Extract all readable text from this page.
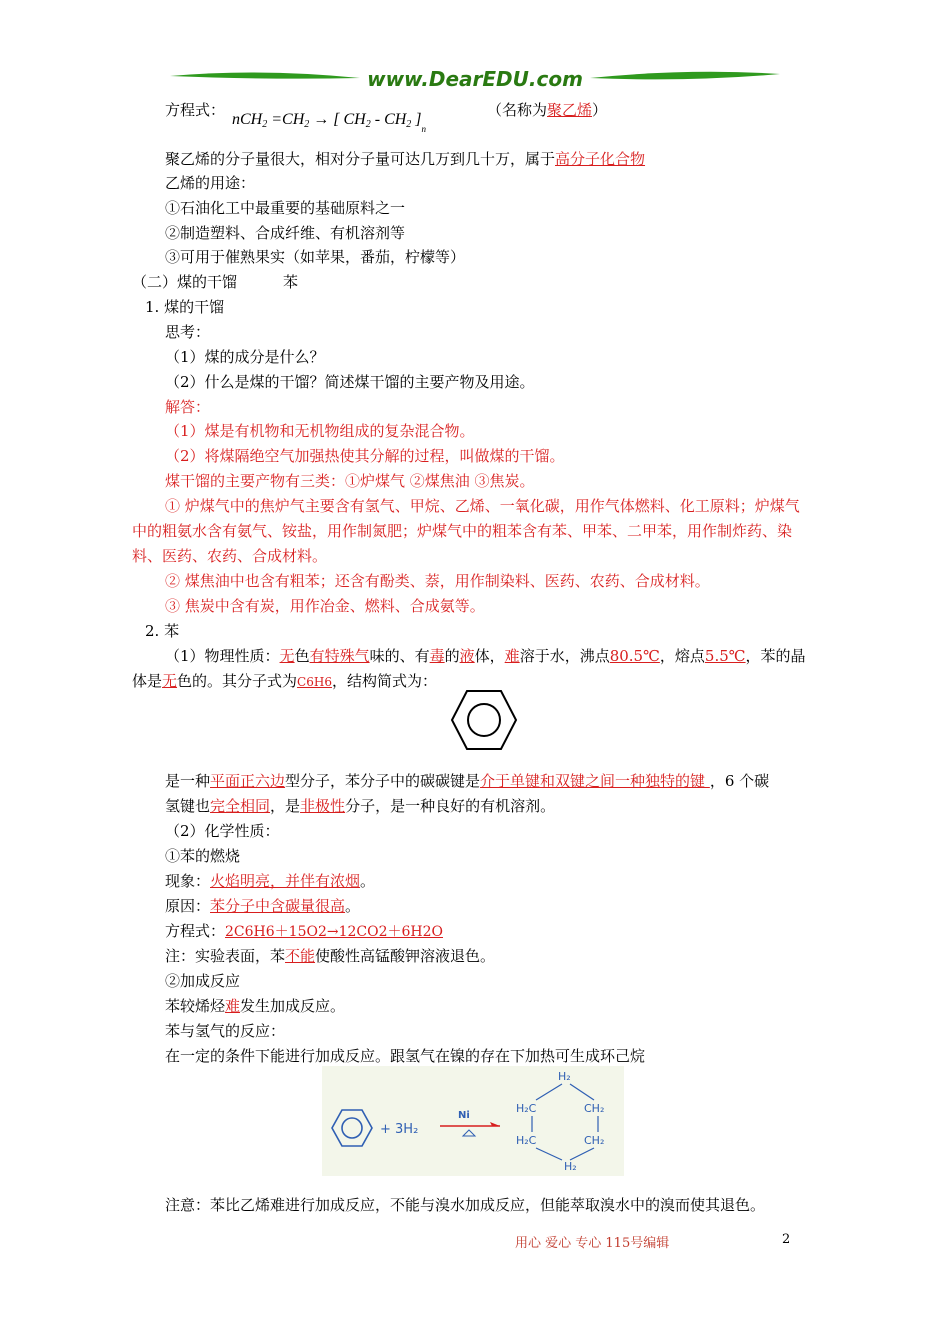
www.DearEDU.com
方程式：
$nCH_2 =CH_2$ → [ $CH_2 - CH_2$ ]$_n$
（名称为聚乙烯）
聚乙烯的分子量很大，相对分子量可达几万到几十万，属于高分子化合物
乙烯的用途：
①石油化工中最重要的基础原料之一
②制造塑料、合成纤维、有机溶剂等
③可用于催熟果实（如苹果，番茄，柠檬等）
（二）煤的干馏	苯
1. 煤的干馏
思考：
（1）煤的成分是什么？
（2）什么是煤的干馏？简述煤干馏的主要产物及用途。
解答：
（1）煤是有机物和无机物组成的复杂混合物。
（2）将煤隔绝空气加强热使其分解的过程，叫做煤的干馏。
煤干馏的主要产物有三类：①炉煤气 ②煤焦油 ③焦炭。
① 炉煤气中的焦炉气主要含有氢气、甲烷、乙烯、一氧化碳，用作气体燃料、化工原料；炉煤气
中的粗氨水含有氨气、铵盐，用作制氮肥；炉煤气中的粗苯含有苯、甲苯、二甲苯，用作制炸药、染
料、医药、农药、合成材料。
② 煤焦油中也含有粗苯；还含有酚类、萘，用作制染料、医药、农药、合成材料。
③ 焦炭中含有炭，用作冶金、燃料、合成氨等。
2. 苯
（1）物理性质：无色有特殊气味的、有毒的液体，难溶于水，沸点80.5℃，熔点5.5℃，苯的晶
体是无色的。其分子式为C6H6，结构简式为：
是一种平面正六边型分子，苯分子中的碳碳键是介于单键和双键之间一种独特的键 ，6 个碳
氢键也完全相同，是非极性分子，是一种良好的有机溶剂。
（2）化学性质：
①苯的燃烧
现象：火焰明亮，并伴有浓烟。
原因：苯分子中含碳量很高。
方程式：2C6H6＋15O2→12CO2＋6H2O
注：实验表面，苯不能使酸性高锰酸钾溶液退色。
②加成反应
苯较烯烃难发生加成反应。
苯与氢气的反应：
在一定的条件下能进行加成反应。跟氢气在镍的存在下加热可生成环己烷
+ 3H₂
Ni
H₂
H₂C	CH₂
H₂C	CH₂
H₂
注意：苯比乙烯难进行加成反应，不能与溴水加成反应，但能萃取溴水中的溴而使其退色。
用心 爱心 专心 115号编辑	2
